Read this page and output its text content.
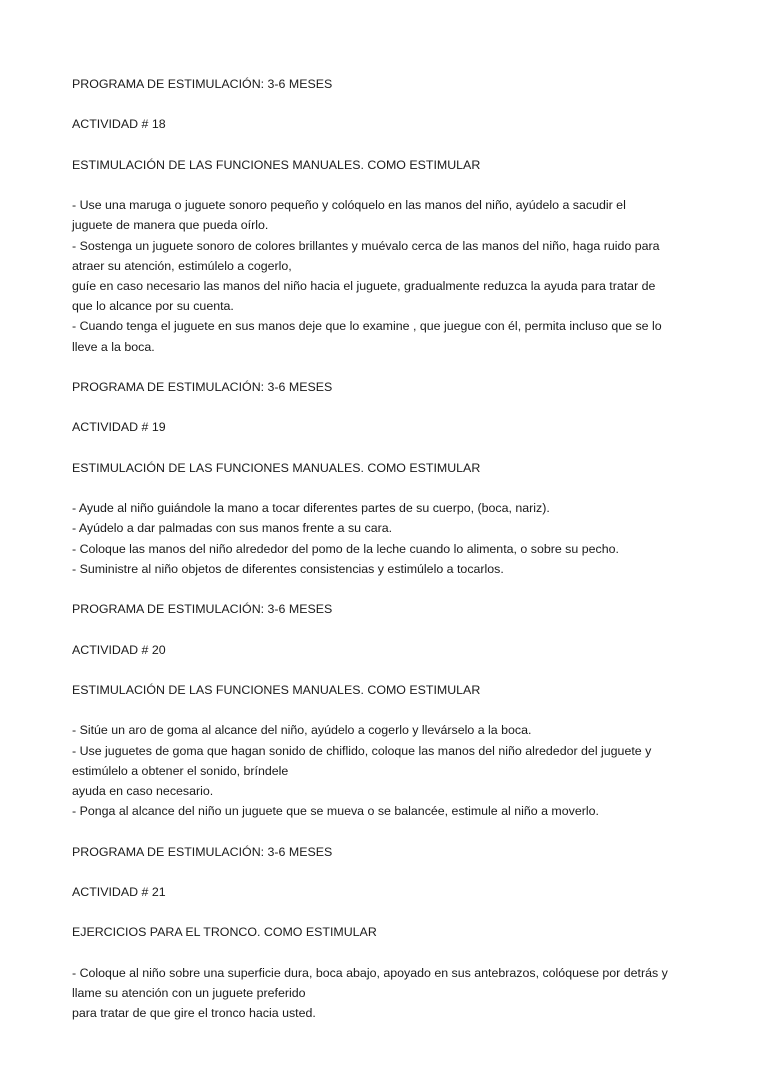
PROGRAMA DE ESTIMULACIÓN: 3-6 MESES
ACTIVIDAD # 18
ESTIMULACIÓN DE LAS FUNCIONES MANUALES. COMO ESTIMULAR
- Use una maruga o juguete sonoro pequeño y colóquelo en las manos del niño, ayúdelo a sacudir el
juguete de manera que pueda oírlo.
- Sostenga un juguete sonoro de colores brillantes y muévalo cerca de las manos del niño, haga ruido para
atraer su atención, estimúlelo a cogerlo,
guíe en caso necesario las manos del niño hacia el juguete, gradualmente reduzca la ayuda para tratar de
que lo alcance por su cuenta.
- Cuando tenga el juguete en sus manos deje que lo examine , que juegue con él, permita incluso que se lo
lleve a la boca.
PROGRAMA DE ESTIMULACIÓN: 3-6 MESES
ACTIVIDAD # 19
ESTIMULACIÓN DE LAS FUNCIONES MANUALES. COMO ESTIMULAR
- Ayude al niño guiándole la mano a tocar diferentes partes de su cuerpo, (boca, nariz).
- Ayúdelo a dar palmadas con sus manos frente a su cara.
- Coloque las manos del niño alrededor del pomo de la leche cuando lo alimenta, o sobre su pecho.
- Suministre al niño objetos de diferentes consistencias y estimúlelo a tocarlos.
PROGRAMA DE ESTIMULACIÓN: 3-6 MESES
ACTIVIDAD # 20
ESTIMULACIÓN DE LAS FUNCIONES MANUALES. COMO ESTIMULAR
- Sitúe un aro de goma al alcance del niño, ayúdelo a cogerlo y llevárselo a la boca.
- Use juguetes de goma que hagan sonido de chiflido, coloque las manos del niño alrededor del juguete y
estimúlelo a obtener el sonido, bríndele
ayuda en caso necesario.
- Ponga al alcance del niño un juguete que se mueva o se balancée, estimule al niño a moverlo.
PROGRAMA DE ESTIMULACIÓN: 3-6 MESES
ACTIVIDAD # 21
EJERCICIOS PARA EL TRONCO. COMO ESTIMULAR
- Coloque al niño sobre una superficie dura, boca abajo, apoyado en sus antebrazos, colóquese por detrás y
llame su atención con un juguete preferido
para tratar de que gire el tronco hacia usted.
